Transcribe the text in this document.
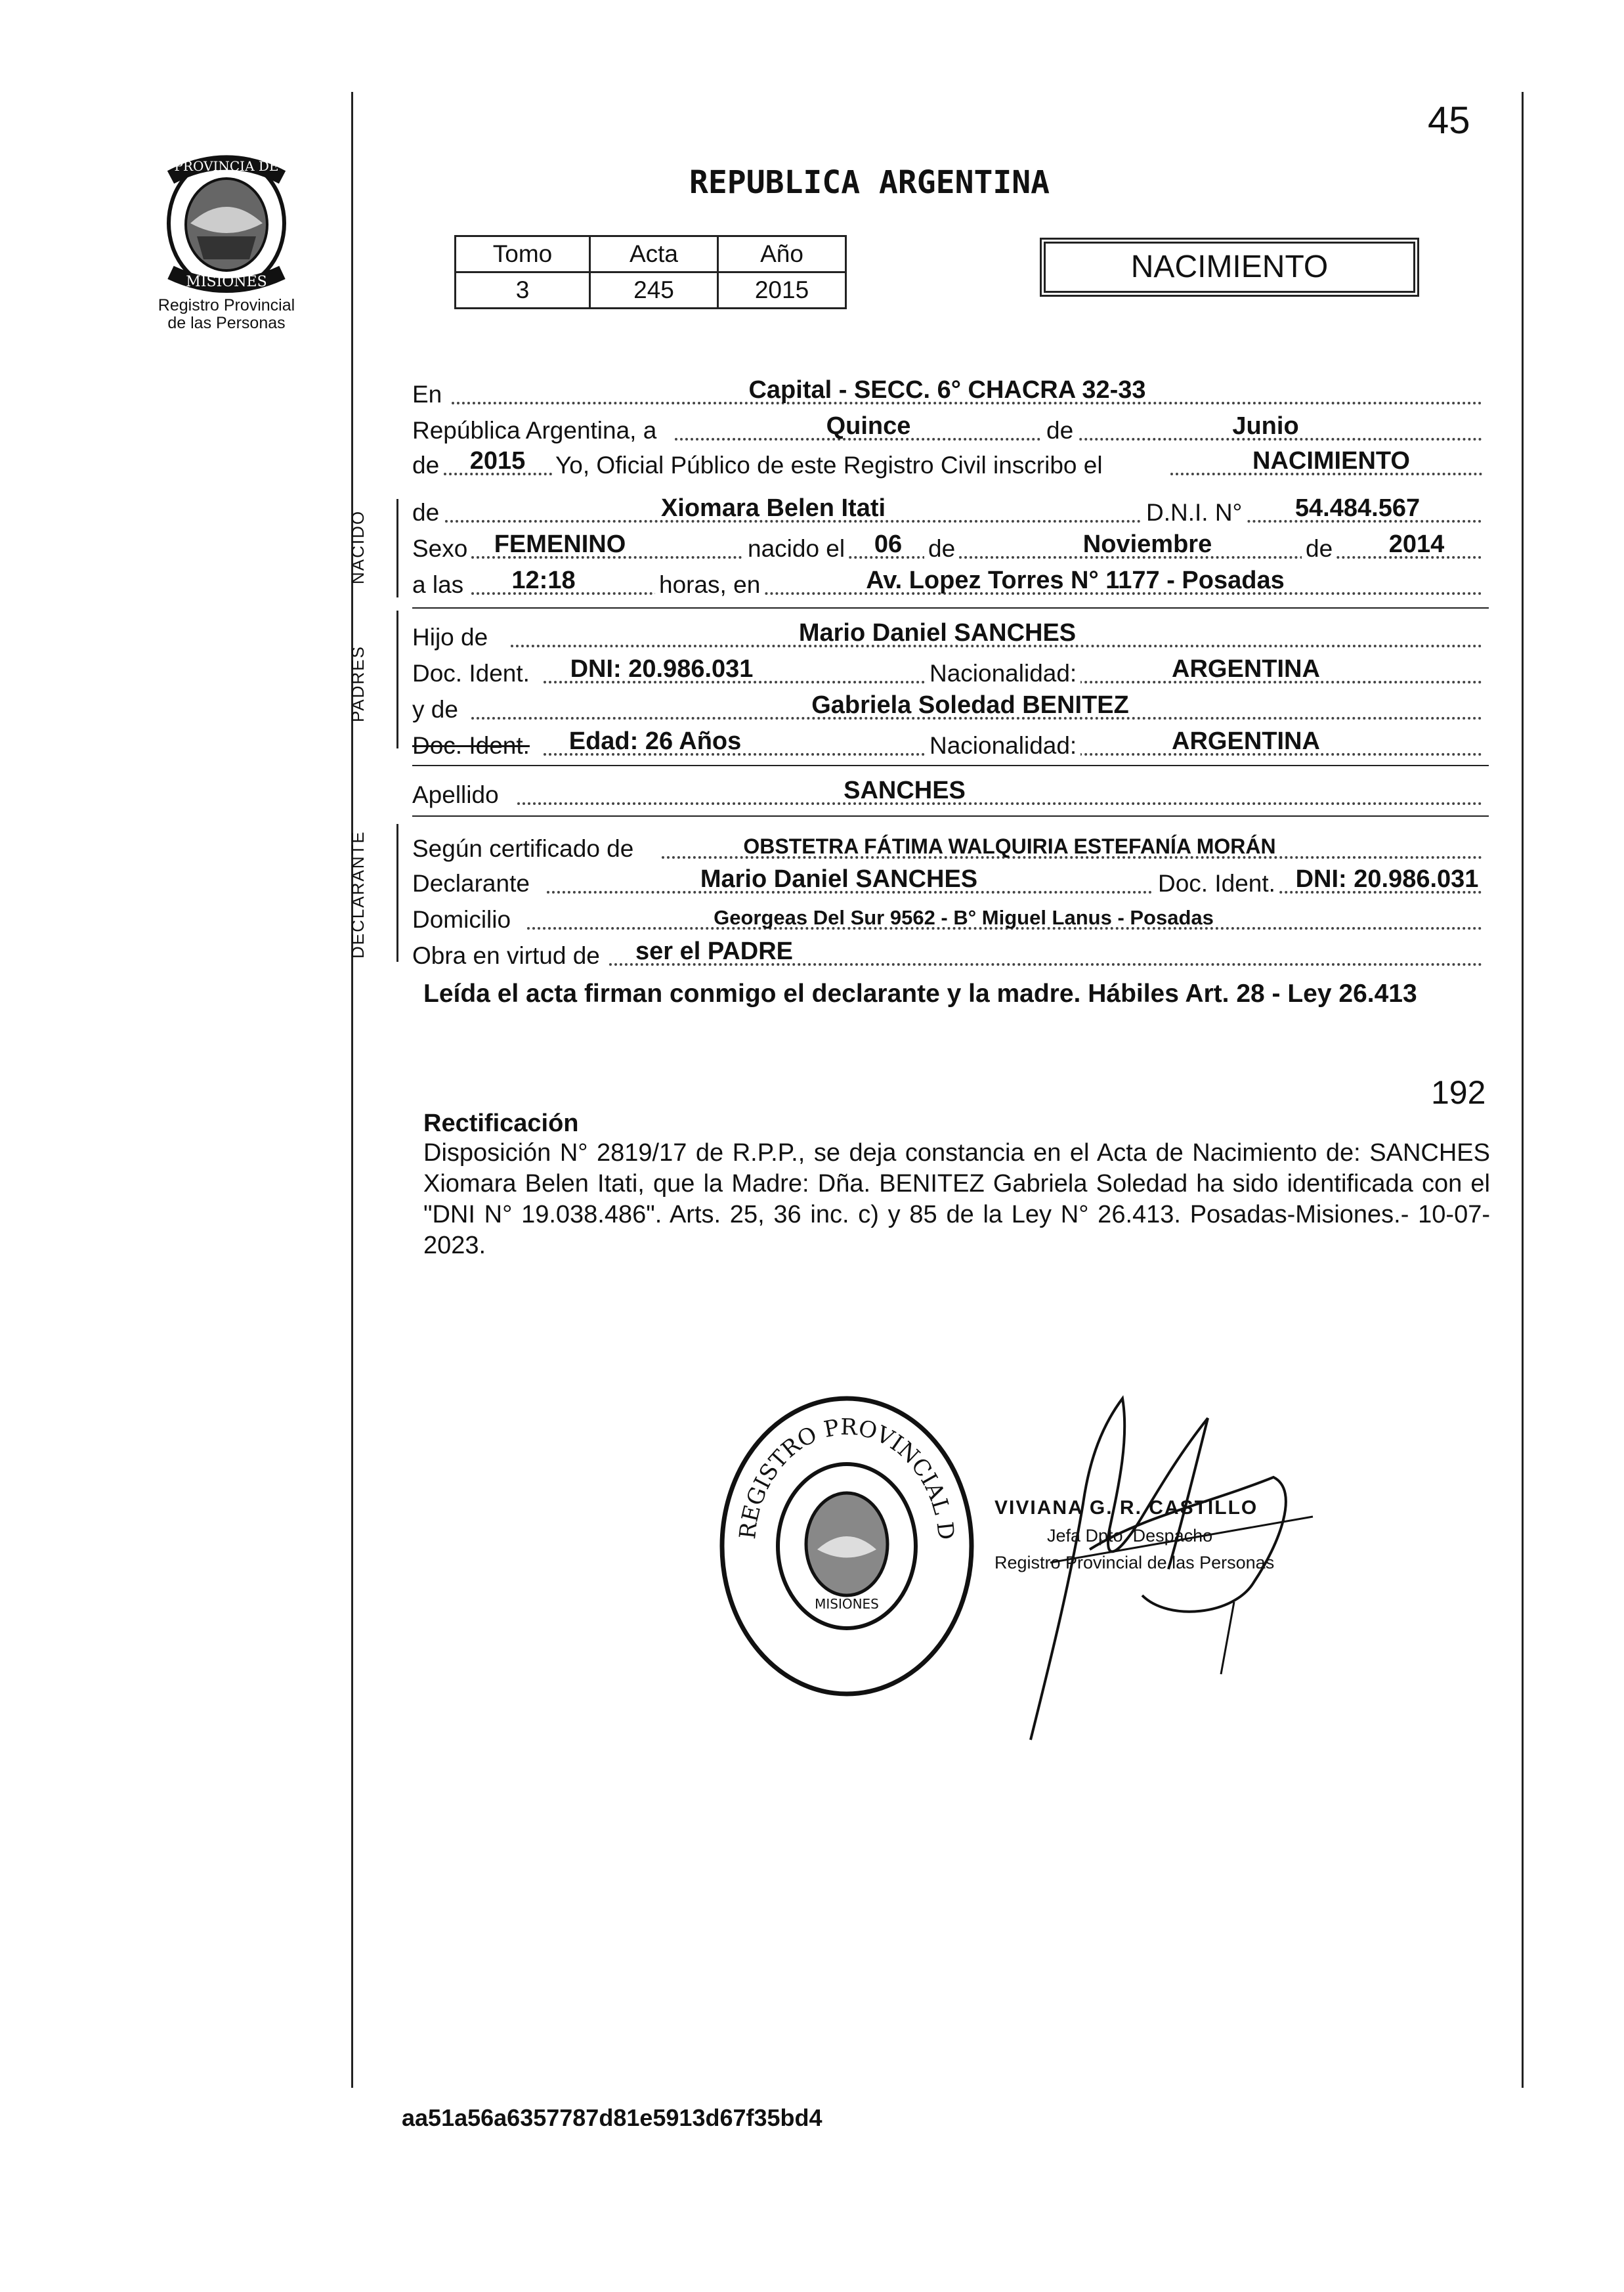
PROVINCIA DE
MISIONES
Registro Provincial
de las Personas
45
REPUBLICA ARGENTINA
Tomo	Acta	Año
3	245	2015
NACIMIENTO
NACIDO
PADRES
DECLARANTE
En	Capital - SECC. 6° CHACRA 32-33
República Argentina, a	Quince	de	Junio
de	2015	Yo, Oficial Público de este Registro Civil inscribo el	NACIMIENTO
de	Xiomara Belen Itati	D.N.I. N°	54.484.567
Sexo	FEMENINO	nacido el	06	de	Noviembre	de	2014
a las	12:18	horas, en	Av. Lopez Torres N° 1177 - Posadas
Hijo de	Mario Daniel SANCHES
Doc. Ident.	DNI: 20.986.031	Nacionalidad:	ARGENTINA
y de	Gabriela Soledad BENITEZ
Doc. Ident.	Edad: 26 Años	Nacionalidad:	ARGENTINA
Apellido	SANCHES
Según certificado de	OBSTETRA FÁTIMA WALQUIRIA ESTEFANÍA MORÁN
Declarante	Mario Daniel SANCHES	Doc. Ident. DNI: 20.986.031
Domicilio	Georgeas Del Sur 9562 - B° Miguel Lanus - Posadas
Obra en virtud de	ser el PADRE
Leída el acta firman conmigo el declarante y la madre. Hábiles Art. 28 - Ley 26.413
192
Rectificación
Disposición N° 2819/17 de R.P.P., se deja constancia en el Acta de Nacimiento de: SANCHES Xiomara Belen Itati, que la Madre: Dña. BENITEZ Gabriela Soledad ha sido identificada con el "DNI N° 19.038.486". Arts. 25, 36 inc. c) y 85 de la Ley N° 26.413. Posadas-Misiones.- 10-07-2023.
REGISTRO PROVINCIAL D
MISIONES
VIVIANA G. R. CASTILLO
Jefa Dpto. Despacho
Registro Provincial de las Personas
aa51a56a6357787d81e5913d67f35bd4
